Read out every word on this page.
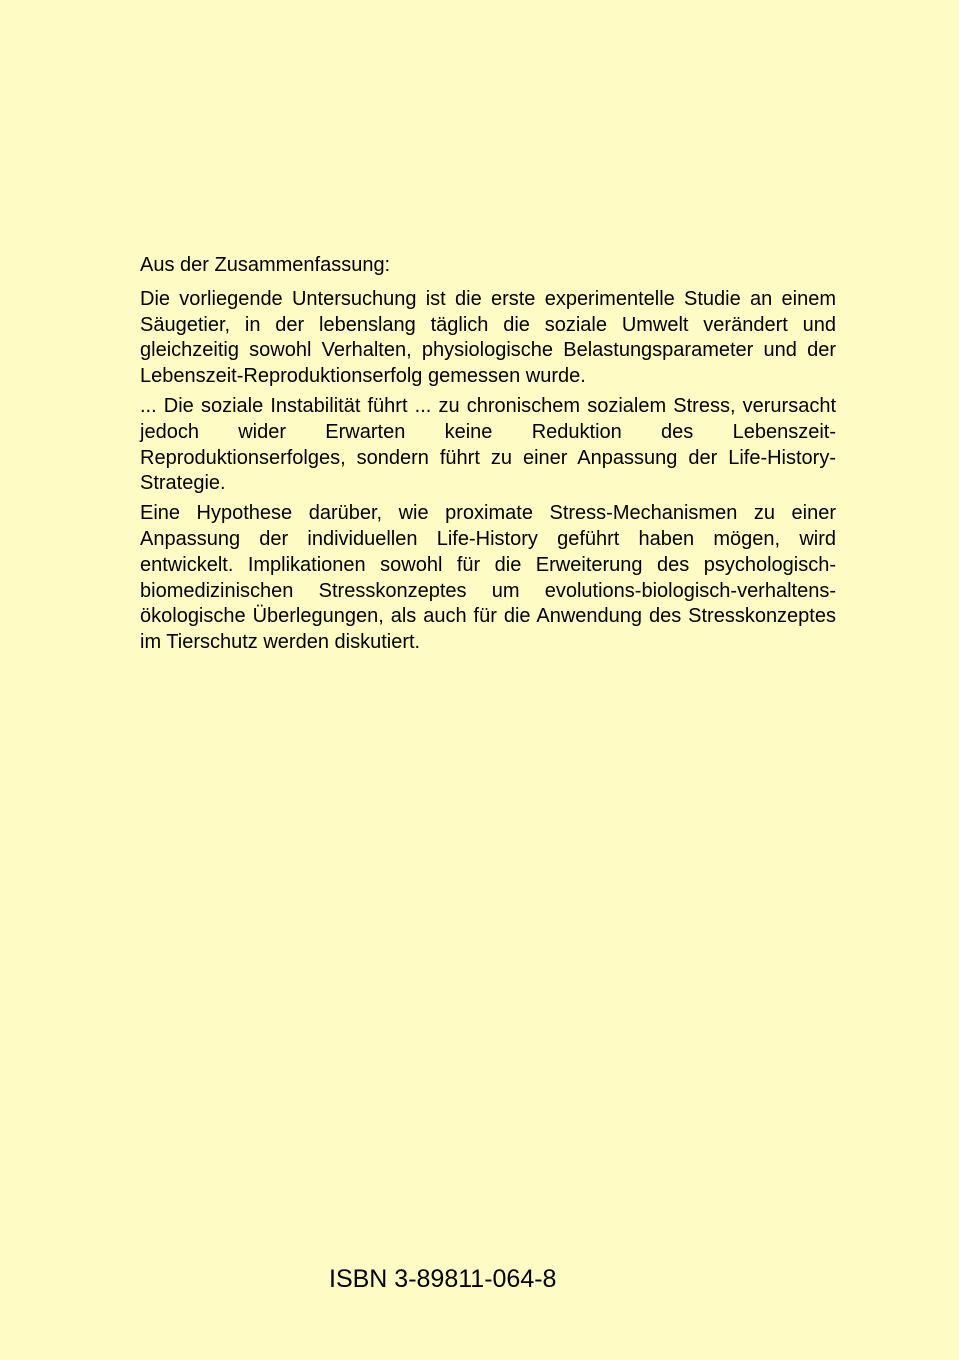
Aus der Zusammenfassung:

Die vorliegende Untersuchung ist die erste experimentelle Studie an einem Säugetier, in der lebenslang täglich die soziale Umwelt verändert und gleichzeitig sowohl Verhalten, physiologische Belastungsparameter und der Lebenszeit-Reproduktionserfolg gemessen wurde.

... Die soziale Instabilität führt ... zu chronischem sozialem Stress, verursacht jedoch wider Erwarten keine Reduktion des Lebenszeit-Reproduktionserfolges, sondern führt zu einer Anpassung der Life-History-Strategie.

Eine Hypothese darüber, wie proximate Stress-Mechanismen zu einer Anpassung der individuellen Life-History geführt haben mögen, wird entwickelt. Implikationen sowohl für die Erweiterung des psychologisch-biomedizinischen Stresskonzeptes um evolutions-biologisch-verhaltens-ökologische Überlegungen, als auch für die Anwendung des Stresskonzeptes im Tierschutz werden diskutiert.

ISBN 3-89811-064-8
